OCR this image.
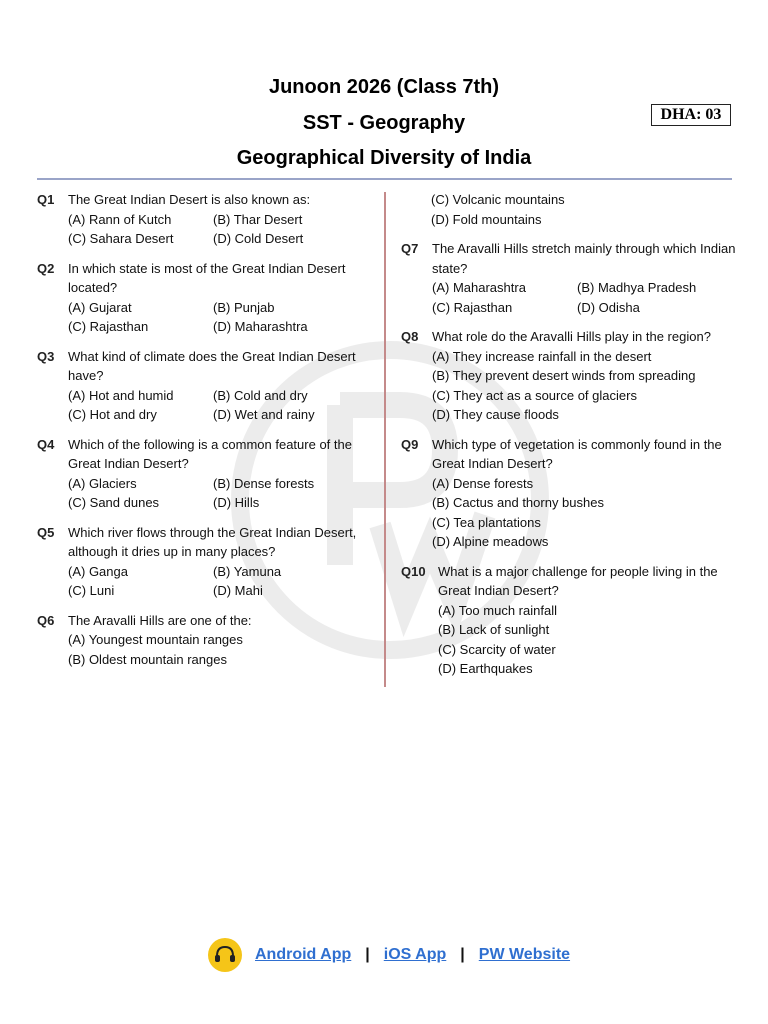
Junoon 2026 (Class 7th)
SST - Geography
Geographical Diversity of India
DHA: 03
Q1	The Great Indian Desert is also known as:
(A) Rann of Kutch	(B) Thar Desert
(C) Sahara Desert	(D) Cold Desert
Q2	In which state is most of the Great Indian Desert located?
(A) Gujarat	(B) Punjab
(C) Rajasthan	(D) Maharashtra
Q3	What kind of climate does the Great Indian Desert have?
(A) Hot and humid	(B) Cold and dry
(C) Hot and dry	(D) Wet and rainy
Q4	Which of the following is a common feature of the Great Indian Desert?
(A) Glaciers	(B) Dense forests
(C) Sand dunes	(D) Hills
Q5	Which river flows through the Great Indian Desert, although it dries up in many places?
(A) Ganga	(B) Yamuna
(C) Luni	(D) Mahi
Q6	The Aravalli Hills are one of the:
(A) Youngest mountain ranges
(B) Oldest mountain ranges
(C) Volcanic mountains
(D) Fold mountains
Q7	The Aravalli Hills stretch mainly through which Indian state?
(A) Maharashtra	(B) Madhya Pradesh
(C) Rajasthan	(D) Odisha
Q8	What role do the Aravalli Hills play in the region?
(A) They increase rainfall in the desert
(B) They prevent desert winds from spreading
(C) They act as a source of glaciers
(D) They cause floods
Q9	Which type of vegetation is commonly found in the Great Indian Desert?
(A) Dense forests
(B) Cactus and thorny bushes
(C) Tea plantations
(D) Alpine meadows
Q10 What is a major challenge for people living in the Great Indian Desert?
(A) Too much rainfall
(B) Lack of sunlight
(C) Scarcity of water
(D) Earthquakes
Android App | iOS App | PW Website
